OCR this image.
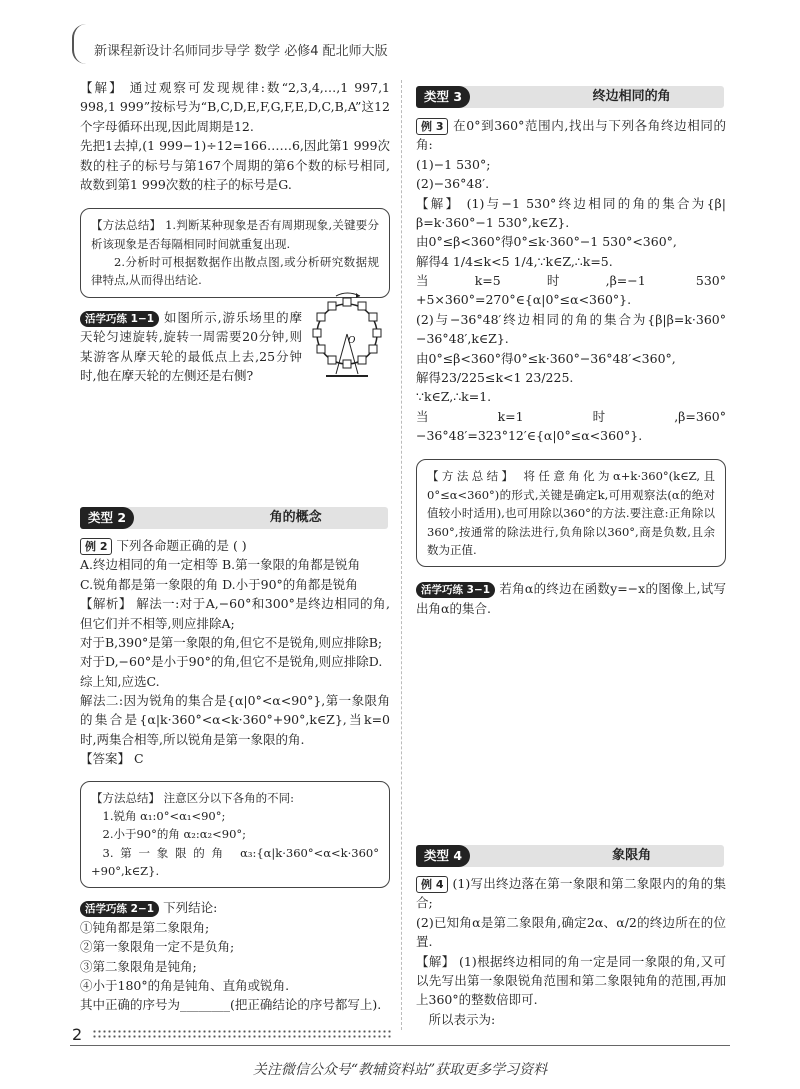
新课程新设计名师同步导学 数学 必修4 配北师大版

【解】 通过观察可发现规律:数“2,3,4,…,1 997,1 998,1 999”按标号为“B,C,D,E,F,G,F,E,D,C,B,A”这12个字母循环出现,因此周期是12.

先把1去掉,(1 999−1)÷12=166……6,因此第1 999次数的柱子的标号与第167个周期的第6个数的标号相同,故数到第1 999次数的柱子的标号是G.

【方法总结】 1.判断某种现象是否有周期现象,关键要分析该现象是否每隔相同时间就重复出现.

2.分析时可根据数据作出散点图,或分析研究数据规律特点,从而得出结论.

活学巧练 1−1 如图所示,游乐场里的摩天轮匀速旋转,旋转一周需要20分钟,则某游客从摩天轮的最低点上去,25分钟时,他在摩天轮的左侧还是右侧?

O
类型 2	角的概念

例 2 下列各命题正确的是 ( )

A.终边相同的角一定相等 B.第一象限的角都是锐角

C.锐角都是第一象限的角 D.小于90°的角都是锐角

【解析】 解法一:对于A,−60°和300°是终边相同的角,但它们并不相等,则应排除A;

对于B,390°是第一象限的角,但它不是锐角,则应排除B;

对于D,−60°是小于90°的角,但它不是锐角,则应排除D.

综上知,应选C.

解法二:因为锐角的集合是{α|0°<α<90°},第一象限角的集合是{α|k·360°<α<k·360°+90°,k∈Z},当k=0时,两集合相等,所以锐角是第一象限的角.

【答案】 C

【方法总结】 注意区分以下各角的不同:

1.锐角 α₁:0°<α₁<90°;

2.小于90°的角 α₂:α₂<90°;

3.第一象限的角 α₃:{α|k·360°<α<k·360°+90°,k∈Z}.

活学巧练 2−1 下列结论:

①钝角都是第二象限角;

②第一象限角一定不是负角;

③第二象限角是钝角;

④小于180°的角是钝角、直角或锐角.

其中正确的序号为________(把正确结论的序号都写上).

类型 3	终边相同的角

例 3 在0°到360°范围内,找出与下列各角终边相同的角:

(1)−1 530°;

(2)−36°48′.

【解】 (1)与−1 530°终边相同的角的集合为{β|β=k·360°−1 530°,k∈Z}.

由0°≤β<360°得0°≤k·360°−1 530°<360°,

解得4 1/4≤k<5 1/4,∵k∈Z,∴k=5.

当k=5时,β=−1 530°+5×360°=270°∈{α|0°≤α<360°}.

(2)与−36°48′终边相同的角的集合为{β|β=k·360°−36°48′,k∈Z}.

由0°≤β<360°得0°≤k·360°−36°48′<360°,

解得23/225≤k<1 23/225.

∵k∈Z,∴k=1.

当k=1时,β=360°−36°48′=323°12′∈{α|0°≤α<360°}.

【方法总结】 将任意角化为α+k·360°(k∈Z,且0°≤α<360°)的形式,关键是确定k,可用观察法(α的绝对值较小时适用),也可用除以360°的方法.要注意:正角除以360°,按通常的除法进行,负角除以360°,商是负数,且余数为正值.

活学巧练 3−1 若角α的终边在函数y=−x的图像上,试写出角α的集合.

类型 4	象限角

例 4 (1)写出终边落在第一象限和第二象限内的角的集合;

(2)已知角α是第二象限角,确定2α、α/2的终边所在的位置.

【解】 (1)根据终边相同的角一定是同一象限的角,又可以先写出第一象限锐角范围和第二象限钝角的范围,再加上360°的整数倍即可.

所以表示为:

2
关注微信公众号“教辅资料站”获取更多学习资料
